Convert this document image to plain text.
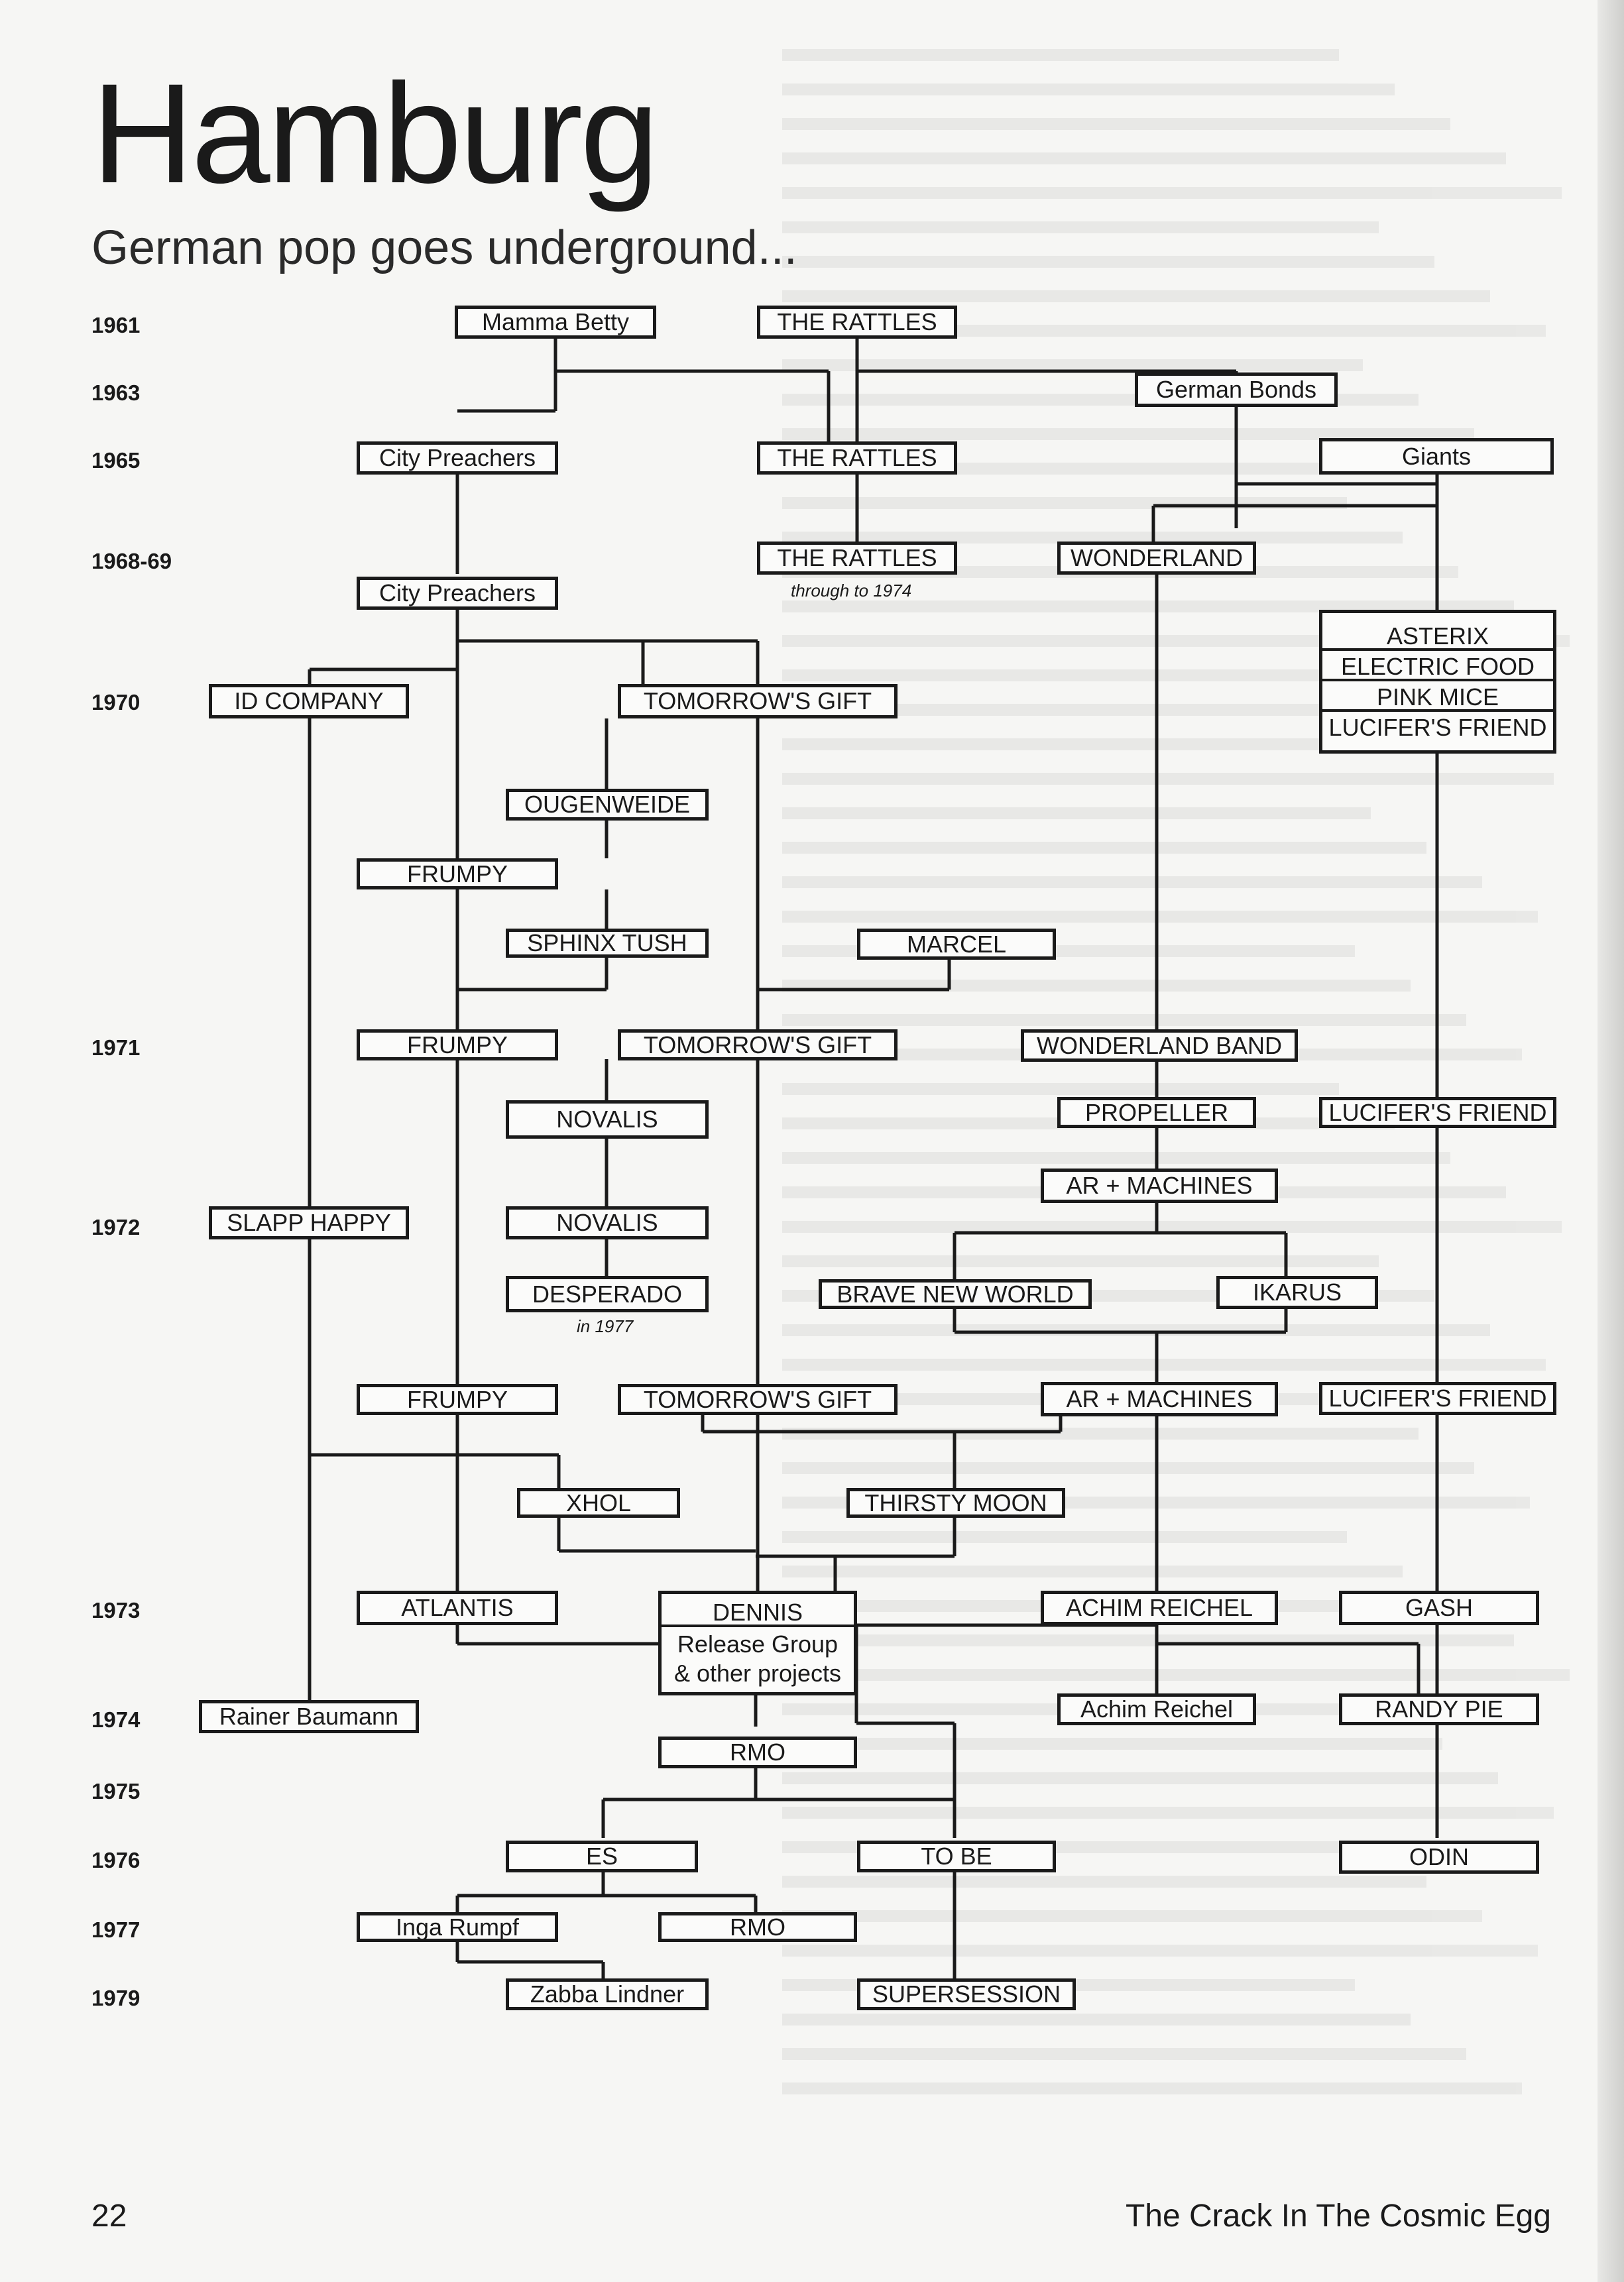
Hamburg
German pop goes underground...
1961
1963
1965
1968-69
1970
1971
1972
1973
1974
1975
1976
1977
1979
Mamma Betty	THE RATTLES
German Bonds
City Preachers	THE RATTLES	Giants
City Preachers
THE RATTLES
through to 1974
WONDERLAND
ASTERIX
ELECTRIC FOOD
PINK MICE
LUCIFER'S FRIEND
ID COMPANY	TOMORROW'S GIFT
OUGENWEIDE
FRUMPY
SPHINX TUSH	MARCEL
FRUMPY	TOMORROW'S GIFT	WONDERLAND BAND
NOVALIS	PROPELLER	LUCIFER'S FRIEND
AR + MACHINES
SLAPP HAPPY	NOVALIS
DESPERADO
in 1977
BRAVE NEW WORLD	IKARUS
FRUMPY	TOMORROW'S GIFT	AR + MACHINES	LUCIFER'S FRIEND
XHOL	THIRSTY MOON
ATLANTIS	DENNIS
Release Group
& other projects
ACHIM REICHEL	GASH
Rainer Baumann	Achim Reichel	RANDY PIE
RMO
ES	TO BE	ODIN
Inga Rumpf	RMO
Zabba Lindner	SUPERSESSION
22	The Crack In The Cosmic Egg
